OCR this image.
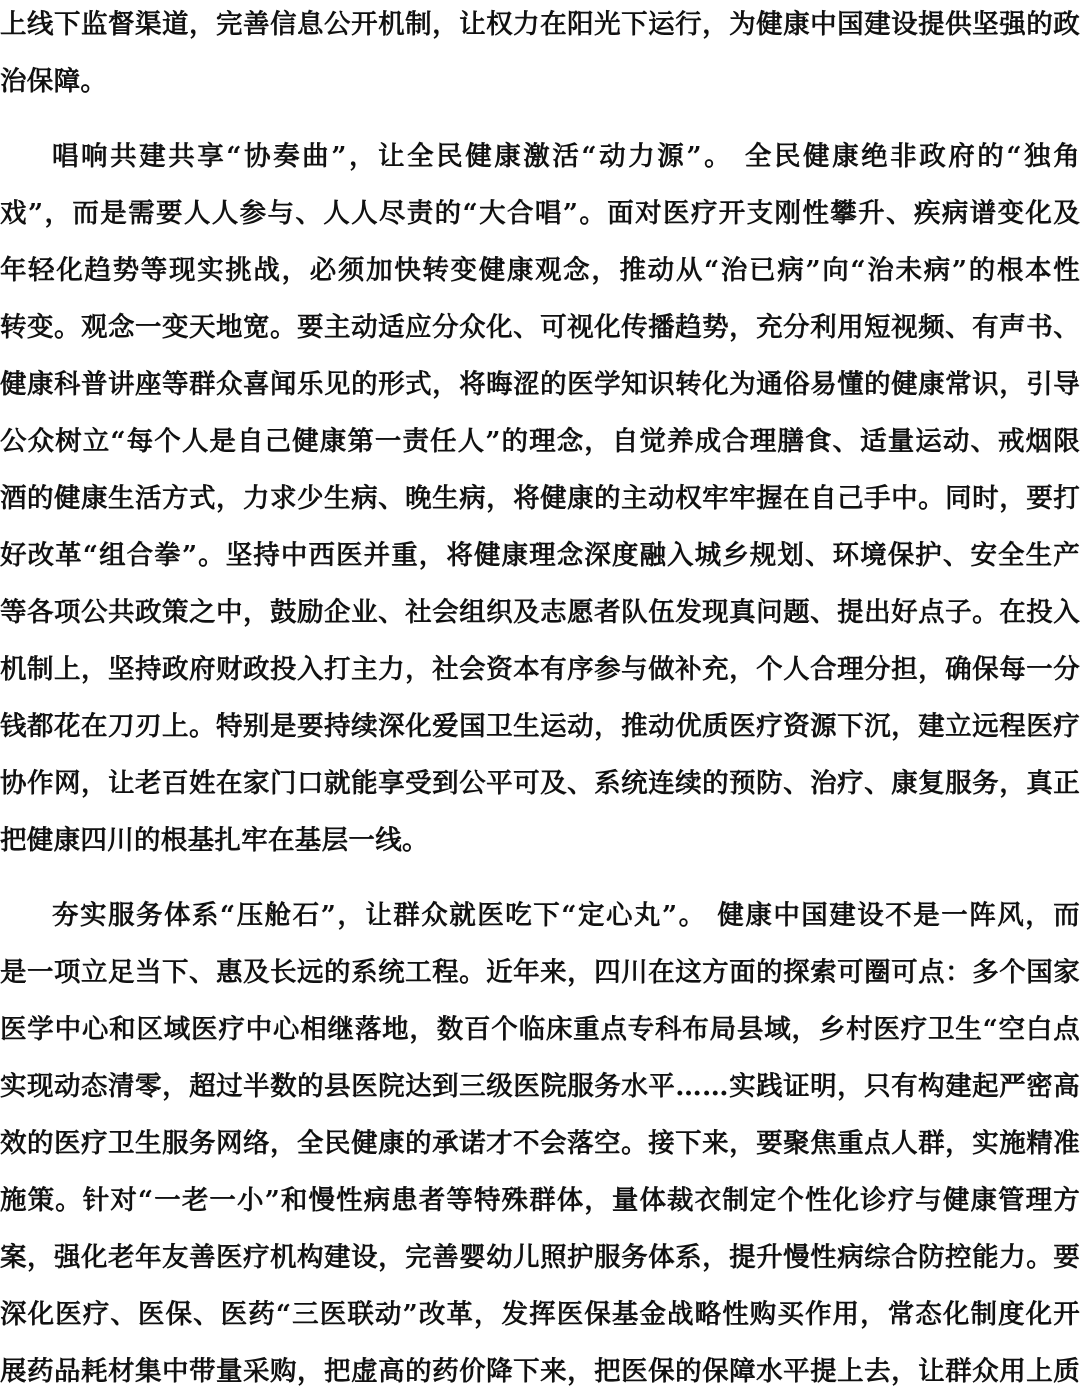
上线下监督渠道，完善信息公开机制，让权力在阳光下运行，为健康中国建设提供坚强的政
治保障。
唱响共建共享“协奏曲”，让全民健康激活“动力源”。 全民健康绝非政府的“独角
戏”，而是需要人人参与、人人尽责的“大合唱”。面对医疗开支刚性攀升、疾病谱变化及
年轻化趋势等现实挑战，必须加快转变健康观念，推动从“治已病”向“治未病”的根本性
转变。观念一变天地宽。要主动适应分众化、可视化传播趋势，充分利用短视频、有声书、
健康科普讲座等群众喜闻乐见的形式，将晦涩的医学知识转化为通俗易懂的健康常识，引导
公众树立“每个人是自己健康第一责任人”的理念，自觉养成合理膳食、适量运动、戒烟限
酒的健康生活方式，力求少生病、晚生病，将健康的主动权牢牢握在自己手中。同时，要打
好改革“组合拳”。坚持中西医并重，将健康理念深度融入城乡规划、环境保护、安全生产
等各项公共政策之中，鼓励企业、社会组织及志愿者队伍发现真问题、提出好点子。在投入
机制上，坚持政府财政投入打主力，社会资本有序参与做补充，个人合理分担，确保每一分
钱都花在刀刃上。特别是要持续深化爱国卫生运动，推动优质医疗资源下沉，建立远程医疗
协作网，让老百姓在家门口就能享受到公平可及、系统连续的预防、治疗、康复服务，真正
把健康四川的根基扎牢在基层一线。
夯实服务体系“压舱石”，让群众就医吃下“定心丸”。 健康中国建设不是一阵风，而
是一项立足当下、惠及长远的系统工程。近年来，四川在这方面的探索可圈可点：多个国家
医学中心和区域医疗中心相继落地，数百个临床重点专科布局县域，乡村医疗卫生“空白点
实现动态清零，超过半数的县医院达到三级医院服务水平……实践证明，只有构建起严密高
效的医疗卫生服务网络，全民健康的承诺才不会落空。接下来，要聚焦重点人群，实施精准
施策。针对“一老一小”和慢性病患者等特殊群体，量体裁衣制定个性化诊疗与健康管理方
案，强化老年友善医疗机构建设，完善婴幼儿照护服务体系，提升慢性病综合防控能力。要
深化医疗、医保、医药“三医联动”改革，发挥医保基金战略性购买作用，常态化制度化开
展药品耗材集中带量采购，把虚高的药价降下来，把医保的保障水平提上去，让群众用上质
